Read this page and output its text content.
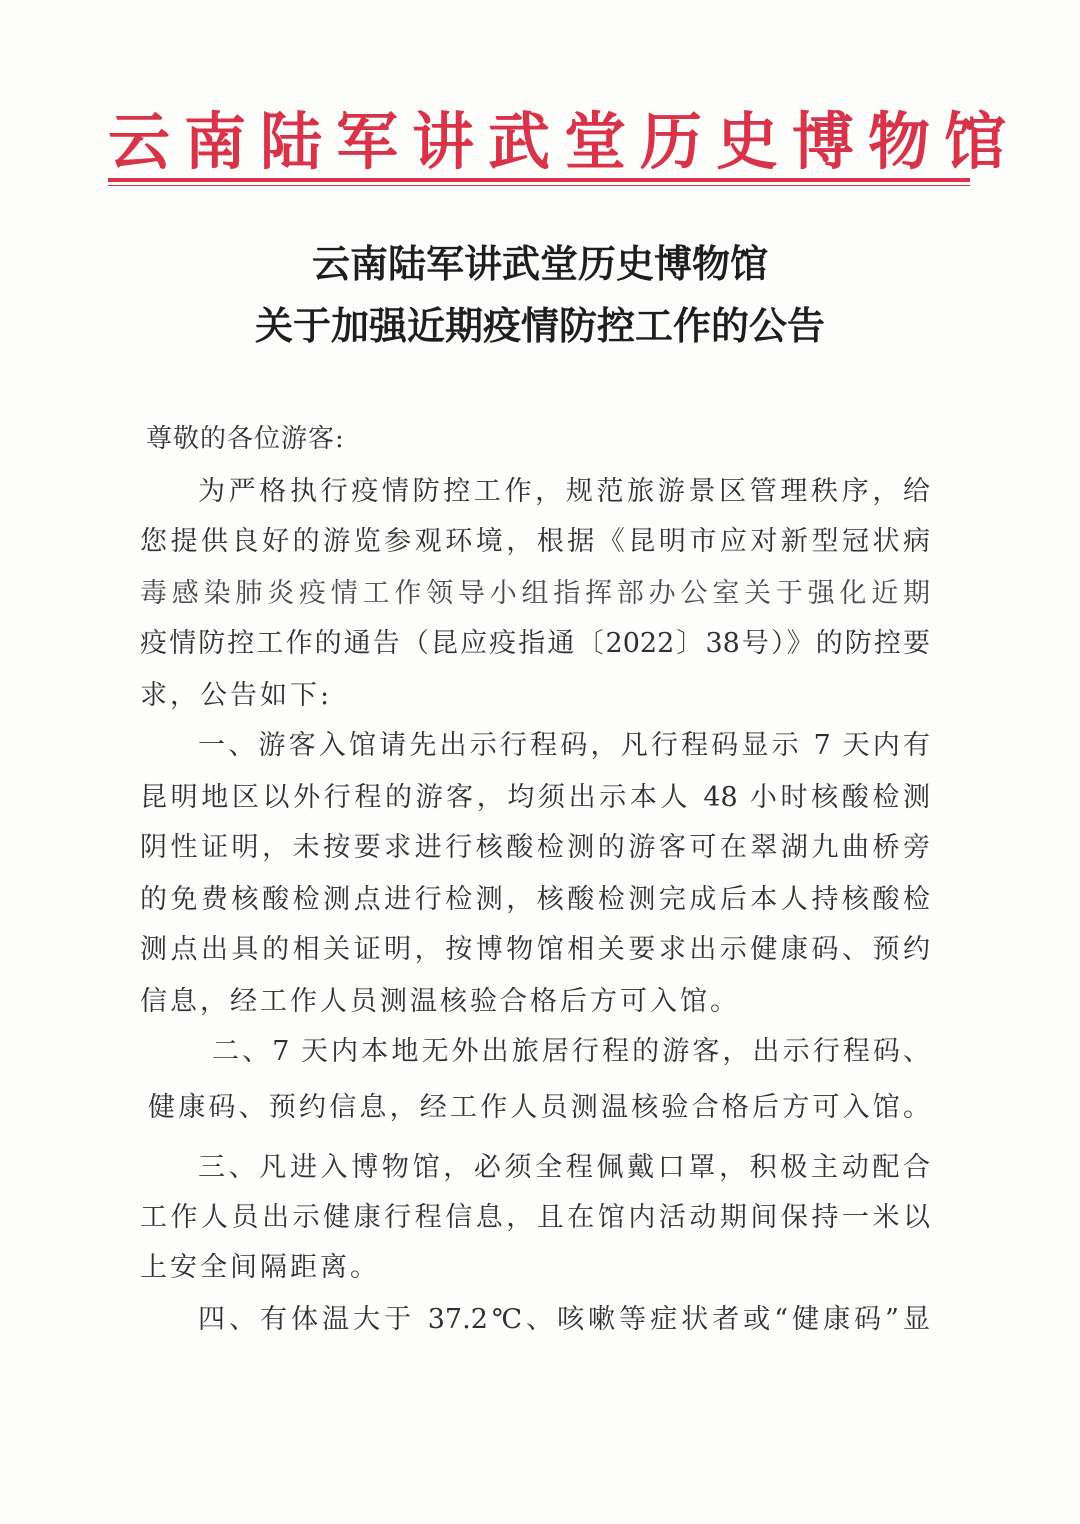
云南陆军讲武堂历史博物馆
云南陆军讲武堂历史博物馆
关于加强近期疫情防控工作的公告
尊敬的各位游客:
为严格执行疫情防控工作，规范旅游景区管理秩序，给
您提供良好的游览参观环境，根据《昆明市应对新型冠状病
毒感染肺炎疫情工作领导小组指挥部办公室关于强化近期
疫情防控工作的通告（昆应疫指通〔2022〕38号）》的防控要
求，公告如下:
一、游客入馆请先出示行程码，凡行程码显示 7 天内有
昆明地区以外行程的游客，均须出示本人 48 小时核酸检测
阴性证明，未按要求进行核酸检测的游客可在翠湖九曲桥旁
的免费核酸检测点进行检测，核酸检测完成后本人持核酸检
测点出具的相关证明，按博物馆相关要求出示健康码、预约
信息，经工作人员测温核验合格后方可入馆。
二、7 天内本地无外出旅居行程的游客，出示行程码、
健康码、预约信息，经工作人员测温核验合格后方可入馆。
三、凡进入博物馆，必须全程佩戴口罩，积极主动配合
工作人员出示健康行程信息，且在馆内活动期间保持一米以
上安全间隔距离。
四、有体温大于 37.2℃、咳嗽等症状者或“健康码”显
